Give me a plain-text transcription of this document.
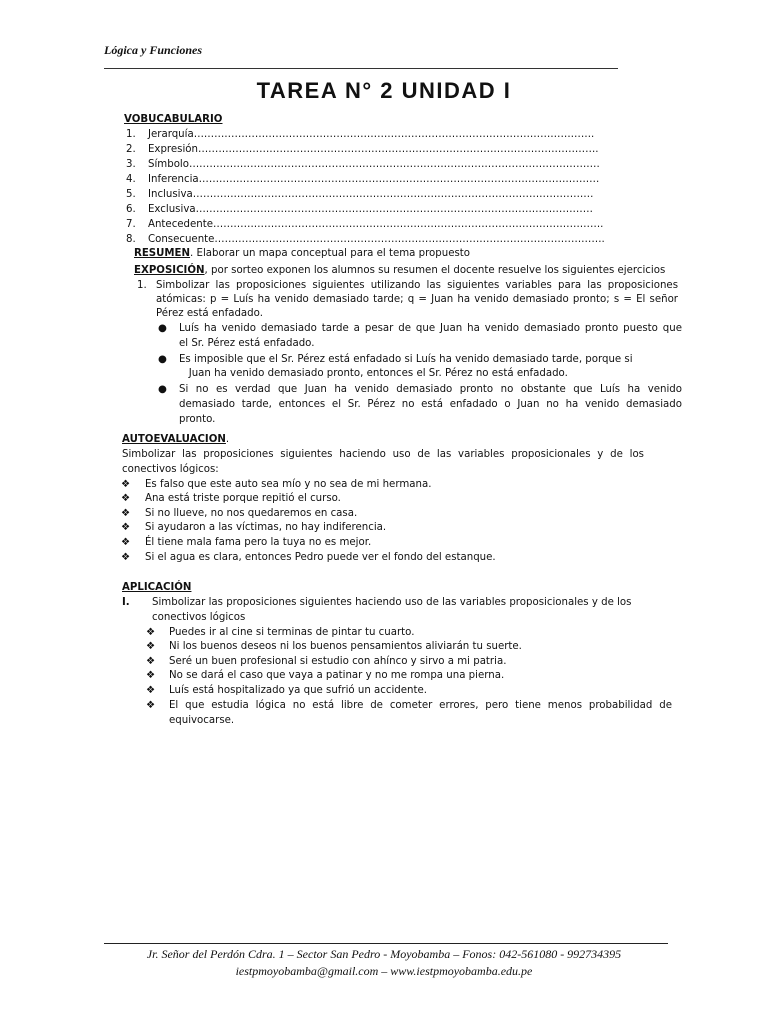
Lógica y Funciones
TAREA N° 2 UNIDAD I
VOBUCABULARIO
1. Jerarquía……………………………………………………………………………………………………….
2. Expresión……………………………………………………………………………………………………….
3. Símbolo………………………………………………………………………………………………………….
4. Inferencia……………………………………………………………………………………………………….
5. Inclusiva……………………………………………………………………………………………………….
6. Exclusiva………………………………………………………………………………………………………
7. Antecedente…………………………………………………………………………………………………….
8. Consecuente…………………………………………………………………………………………………….
RESUMEN. Elaborar un mapa conceptual para el tema propuesto
EXPOSICIÓN, por sorteo exponen los alumnos su resumen el docente resuelve los siguientes ejercicios
1. Simbolizar las proposiciones siguientes utilizando las siguientes variables para las proposiciones
atómicas: p = Luís ha venido demasiado tarde; q = Juan ha venido demasiado pronto; s = El señor
Pérez está enfadado.
● Luís ha venido demasiado tarde a pesar de que Juan ha venido demasiado pronto puesto que
el Sr. Pérez está enfadado.
● Es imposible que el Sr. Pérez está enfadado si Luís ha venido demasiado tarde, porque si
Juan ha venido demasiado pronto, entonces el Sr. Pérez no está enfadado.
● Si no es verdad que Juan ha venido demasiado pronto no obstante que Luís ha venido
demasiado tarde, entonces el Sr. Pérez no está enfadado o Juan no ha venido demasiado
pronto.
AUTOEVALUACION.
Simbolizar las proposiciones siguientes haciendo uso de las variables proposicionales y de los
conectivos lógicos:
❖ Es falso que este auto sea mío y no sea de mi hermana.
❖ Ana está triste porque repitió el curso.
❖ Si no llueve, no nos quedaremos en casa.
❖ Si ayudaron a las víctimas, no hay indiferencia.
❖ Él tiene mala fama pero la tuya no es mejor.
❖ Si el agua es clara, entonces Pedro puede ver el fondo del estanque.
APLICACIÓN
I. Simbolizar las proposiciones siguientes haciendo uso de las variables proposicionales y de los
conectivos lógicos
❖ Puedes ir al cine si terminas de pintar tu cuarto.
❖ Ni los buenos deseos ni los buenos pensamientos aliviarán tu suerte.
❖ Seré un buen profesional si estudio con ahínco y sirvo a mi patria.
❖ No se dará el caso que vaya a patinar y no me rompa una pierna.
❖ Luís está hospitalizado ya que sufrió un accidente.
❖ El que estudia lógica no está libre de cometer errores, pero tiene menos probabilidad de
equivocarse.
Jr. Señor del Perdón Cdra. 1 – Sector San Pedro - Moyobamba – Fonos: 042-561080 - 992734395
iestpmoyobamba@gmail.com – www.iestpmoyobamba.edu.pe
